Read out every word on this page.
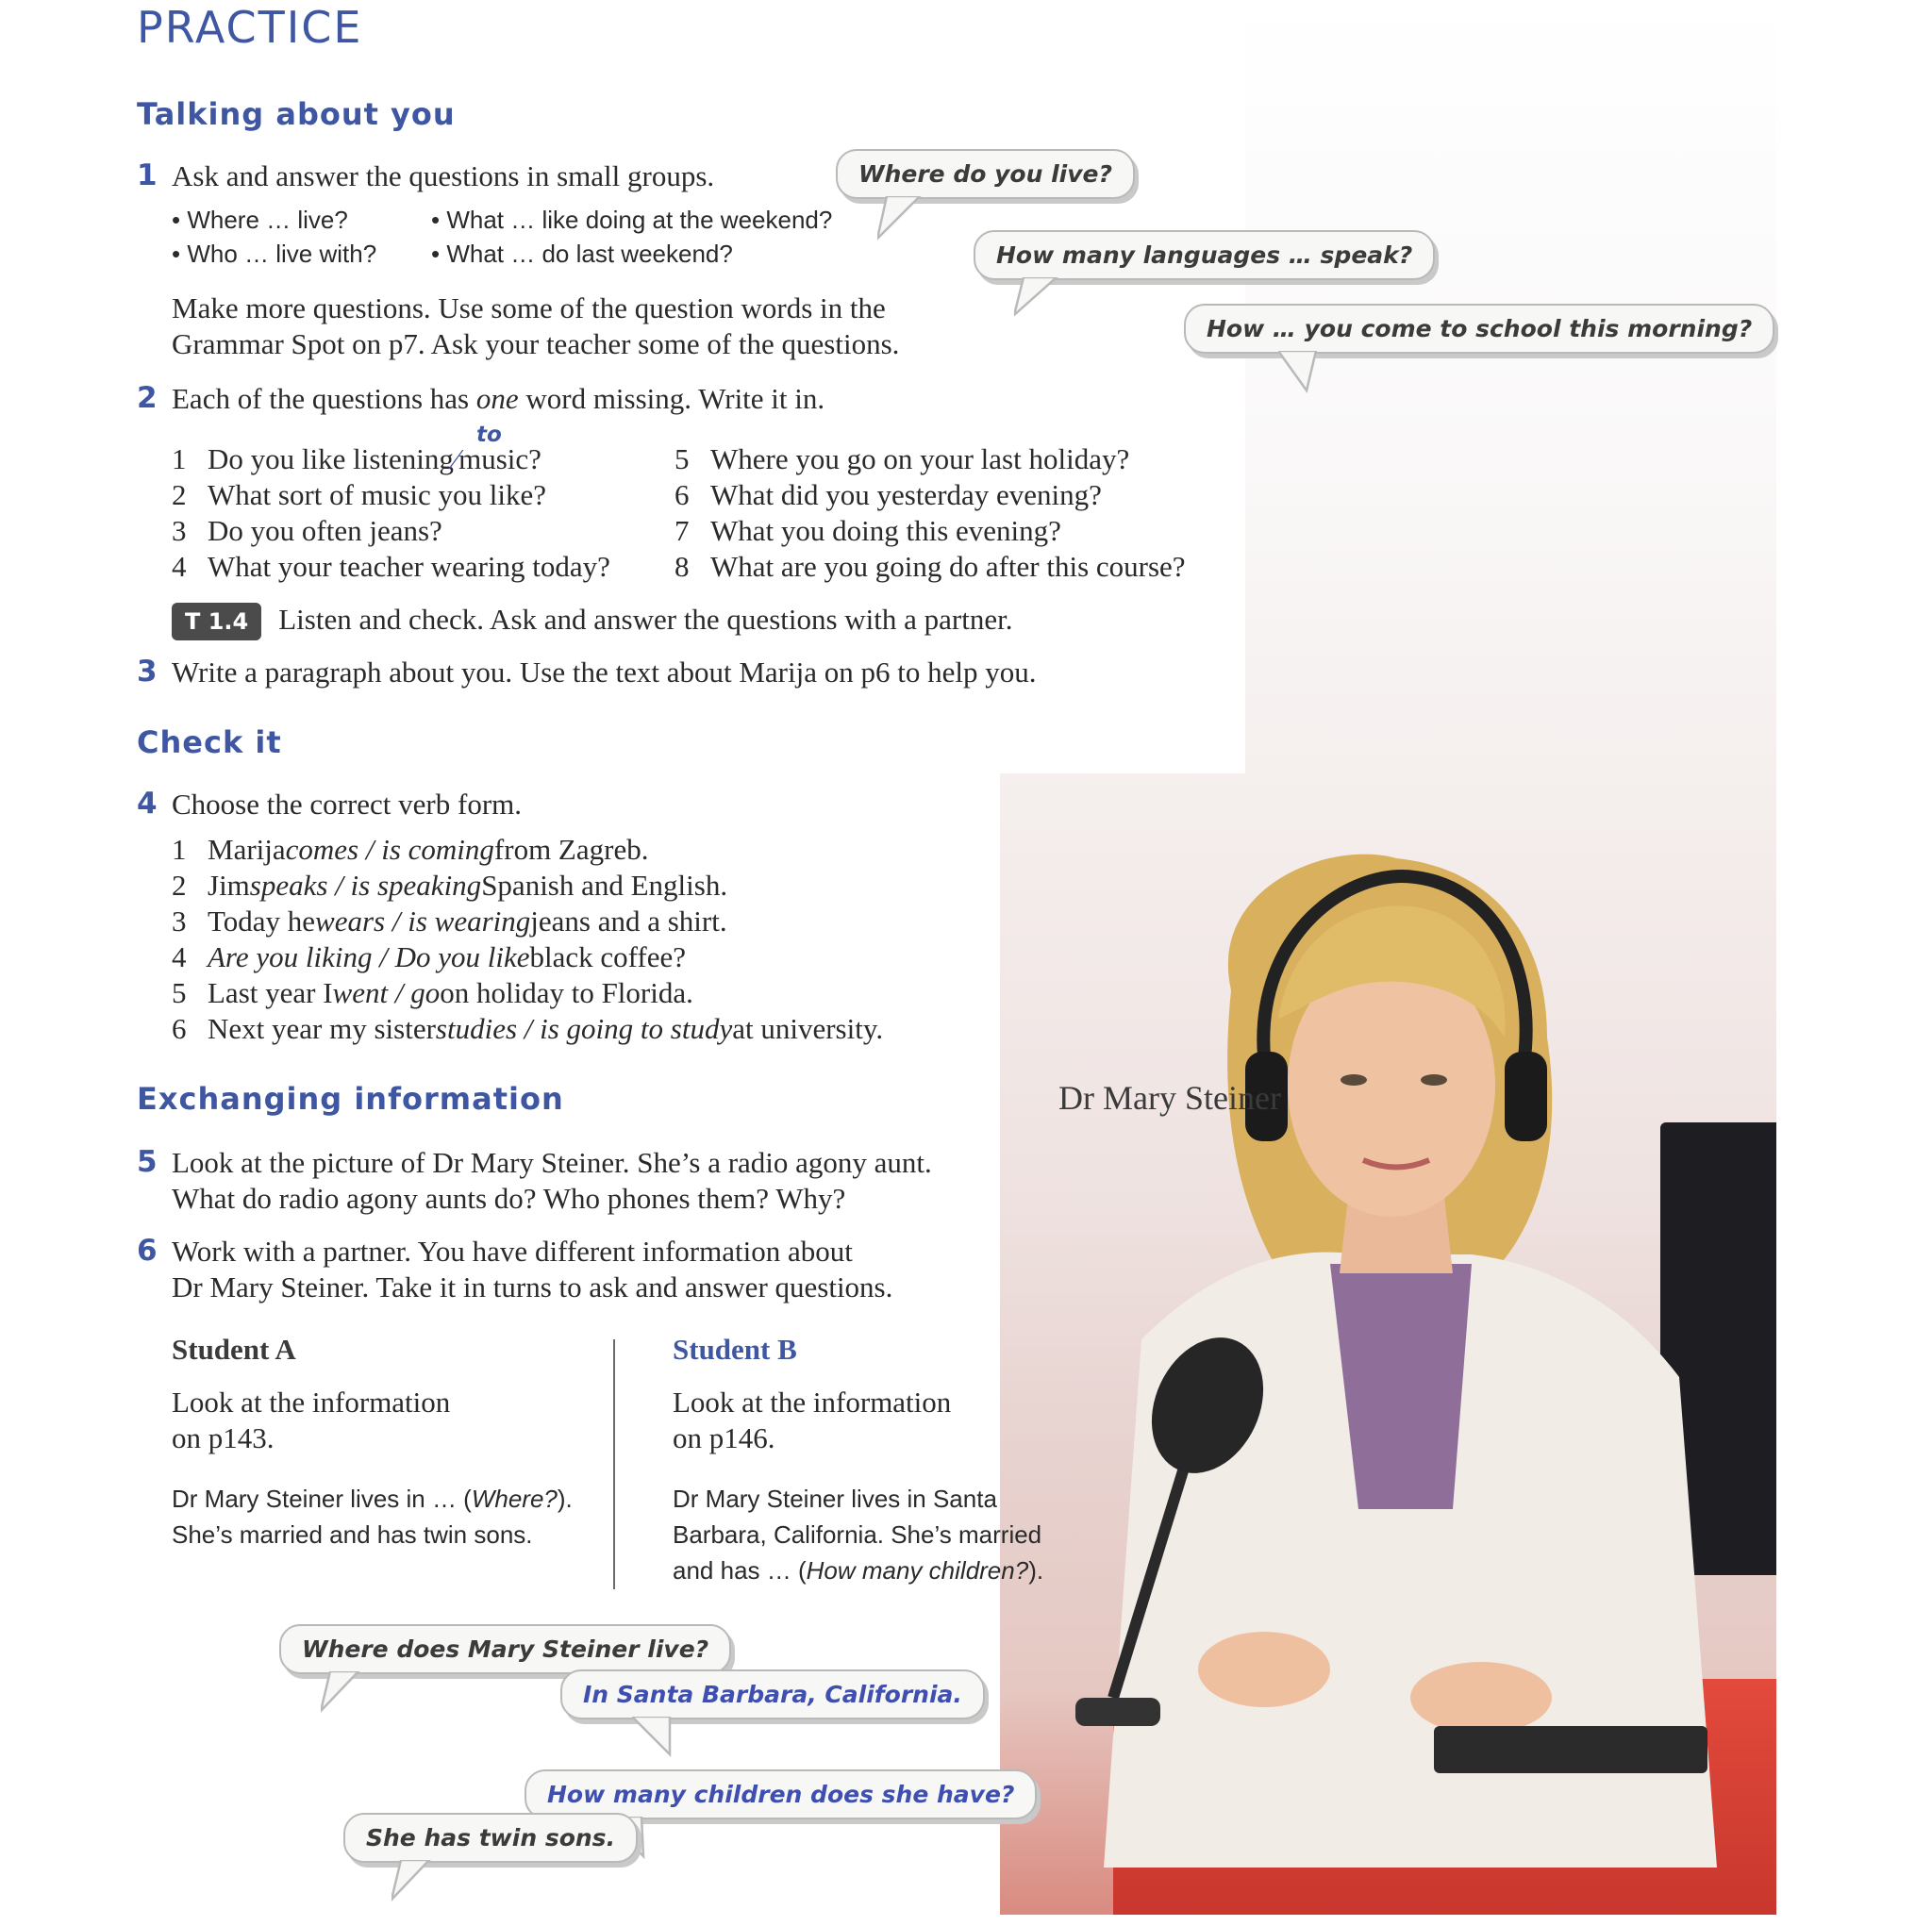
PRACTICE
Talking about you
1 Ask and answer the questions in small groups.
• Where … live?
• Who … live with?
• What … like doing at the weekend?
• What … do last weekend?
Make more questions. Use some of the question words in the
Grammar Spot on p7. Ask your teacher some of the questions.
Where do you live?
How many languages … speak?
How … you come to school this morning?
2 Each of the questions has one word missing. Write it in.
to
1 Do you like listening ⁄ music?
2 What sort of music you like?
3 Do you often jeans?
4 What your teacher wearing today?
5 Where you go on your last holiday?
6 What did you yesterday evening?
7 What you doing this evening?
8 What are you going do after this course?
T 1.4 Listen and check. Ask and answer the questions with a partner.
3 Write a paragraph about you. Use the text about Marija on p6 to help you.
Check it
4 Choose the correct verb form.
1 Marija comes / is coming from Zagreb.
2 Jim speaks / is speaking Spanish and English.
3 Today he wears / is wearing jeans and a shirt.
4 Are you liking / Do you like black coffee?
5 Last year I went / go on holiday to Florida.
6 Next year my sister studies / is going to study at university.
Exchanging information	Dr Mary Steiner
5 Look at the picture of Dr Mary Steiner. She’s a radio agony aunt.
What do radio agony aunts do? Who phones them? Why?
6 Work with a partner. You have different information about
Dr Mary Steiner. Take it in turns to ask and answer questions.
Student A
Look at the information
on p143.
Dr Mary Steiner lives in … (Where?).
She’s married and has twin sons.
Student B
Look at the information
on p146.
Dr Mary Steiner lives in Santa
Barbara, California. She’s married
and has … (How many children?).
Where does Mary Steiner live?
In Santa Barbara, California.
How many children does she have?
She has twin sons.
